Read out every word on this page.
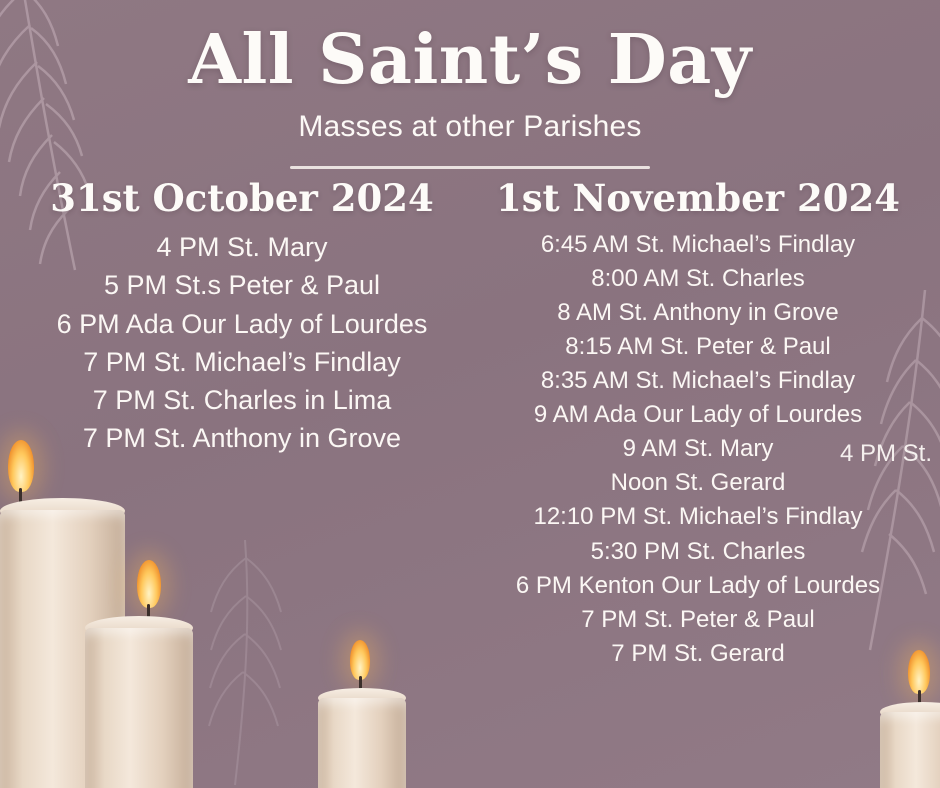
All Saint’s Day
Masses at other Parishes
31st October 2024
4 PM St. Mary
5 PM St.s Peter & Paul
6 PM Ada Our Lady of Lourdes
7 PM St. Michael’s Findlay
7 PM St. Charles in Lima
7 PM St. Anthony in Grove
1st November 2024
6:45 AM St. Michael’s Findlay
8:00 AM St. Charles
8 AM St. Anthony in Grove
8:15 AM St. Peter & Paul
8:35 AM St. Michael’s Findlay
9 AM Ada Our Lady of Lourdes
9 AM St. Mary
Noon St. Gerard
12:10 PM St. Michael’s Findlay
5:30 PM St. Charles
6 PM Kenton Our Lady of Lourdes
7 PM St. Peter & Paul
7 PM St. Gerard
4 PM St.
